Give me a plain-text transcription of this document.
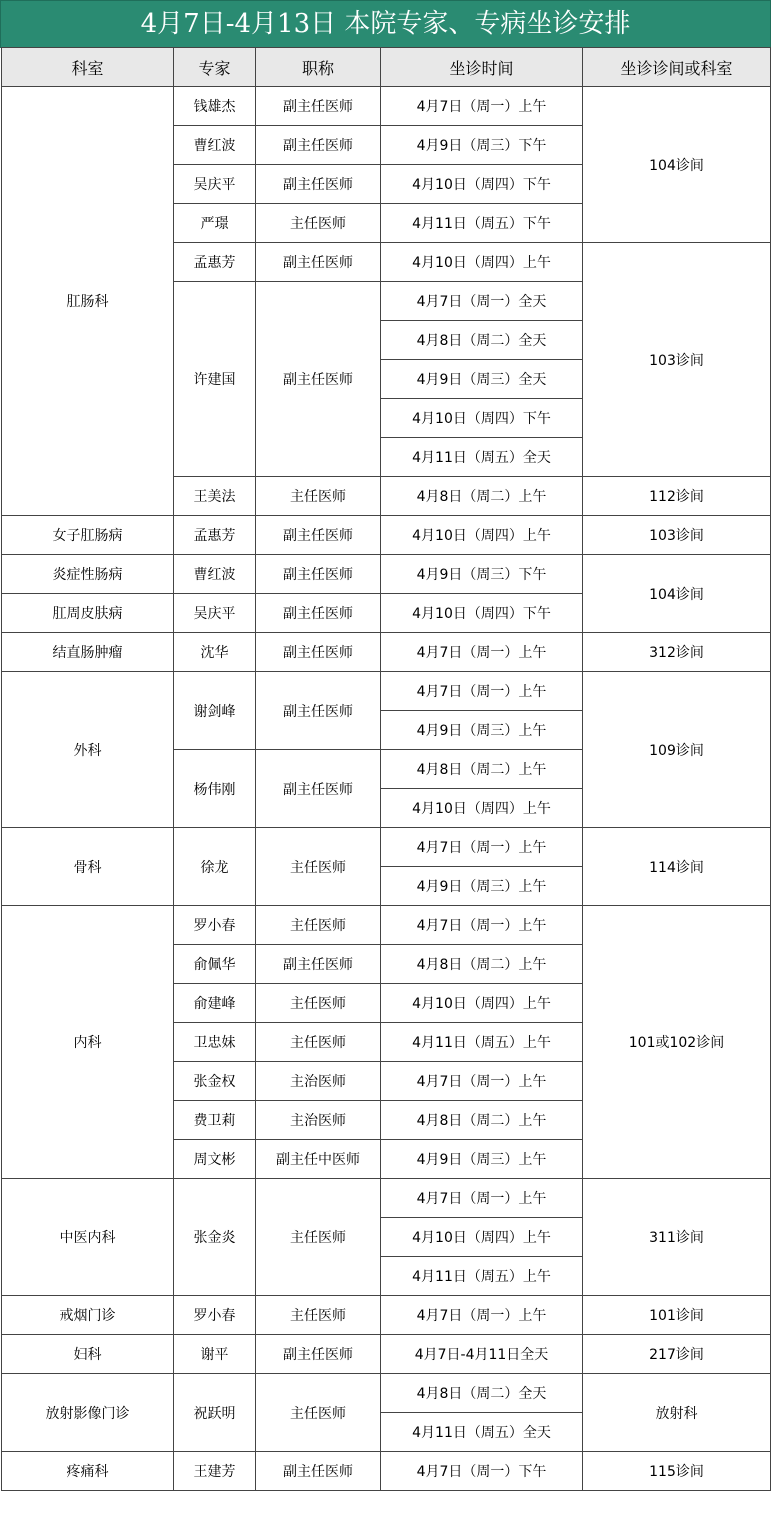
4月7日-4月13日 本院专家、专病坐诊安排
科室	专家	职称	坐诊时间	坐诊诊间或科室
肛肠科	钱雄杰	副主任医师	4月7日（周一）上午	104诊间
	曹红波	副主任医师	4月9日（周三）下午	
	吴庆平	副主任医师	4月10日（周四）下午	
	严璟	主任医师	4月11日（周五）下午	
	孟惠芳	副主任医师	4月10日（周四）上午	103诊间
	许建国	副主任医师	4月7日（周一）全天	
			4月8日（周二）全天	
			4月9日（周三）全天	
			4月10日（周四）下午	
			4月11日（周五）全天	
	王美法	主任医师	4月8日（周二）上午	112诊间
女子肛肠病	孟惠芳	副主任医师	4月10日（周四）上午	103诊间
炎症性肠病	曹红波	副主任医师	4月9日（周三）下午	104诊间
肛周皮肤病	吴庆平	副主任医师	4月10日（周四）下午	
结直肠肿瘤	沈华	副主任医师	4月7日（周一）上午	312诊间
外科	谢剑峰	副主任医师	4月7日（周一）上午	109诊间
			4月9日（周三）上午	
	杨伟刚	副主任医师	4月8日（周二）上午	
			4月10日（周四）上午	
骨科	徐龙	主任医师	4月7日（周一）上午	114诊间
			4月9日（周三）上午	
内科	罗小春	主任医师	4月7日（周一）上午	101或102诊间
	俞佩华	副主任医师	4月8日（周二）上午	
	俞建峰	主任医师	4月10日（周四）上午	
	卫忠妹	主任医师	4月11日（周五）上午	
	张金权	主治医师	4月7日（周一）上午	
	费卫莉	主治医师	4月8日（周二）上午	
	周文彬	副主任中医师	4月9日（周三）上午	
中医内科	张金炎	主任医师	4月7日（周一）上午	311诊间
			4月10日（周四）上午	
			4月11日（周五）上午	
戒烟门诊	罗小春	主任医师	4月7日（周一）上午	101诊间
妇科	谢平	副主任医师	4月7日-4月11日全天	217诊间
放射影像门诊	祝跃明	主任医师	4月8日（周二）全天	放射科
			4月11日（周五）全天	
疼痛科	王建芳	副主任医师	4月7日（周一）下午	115诊间
